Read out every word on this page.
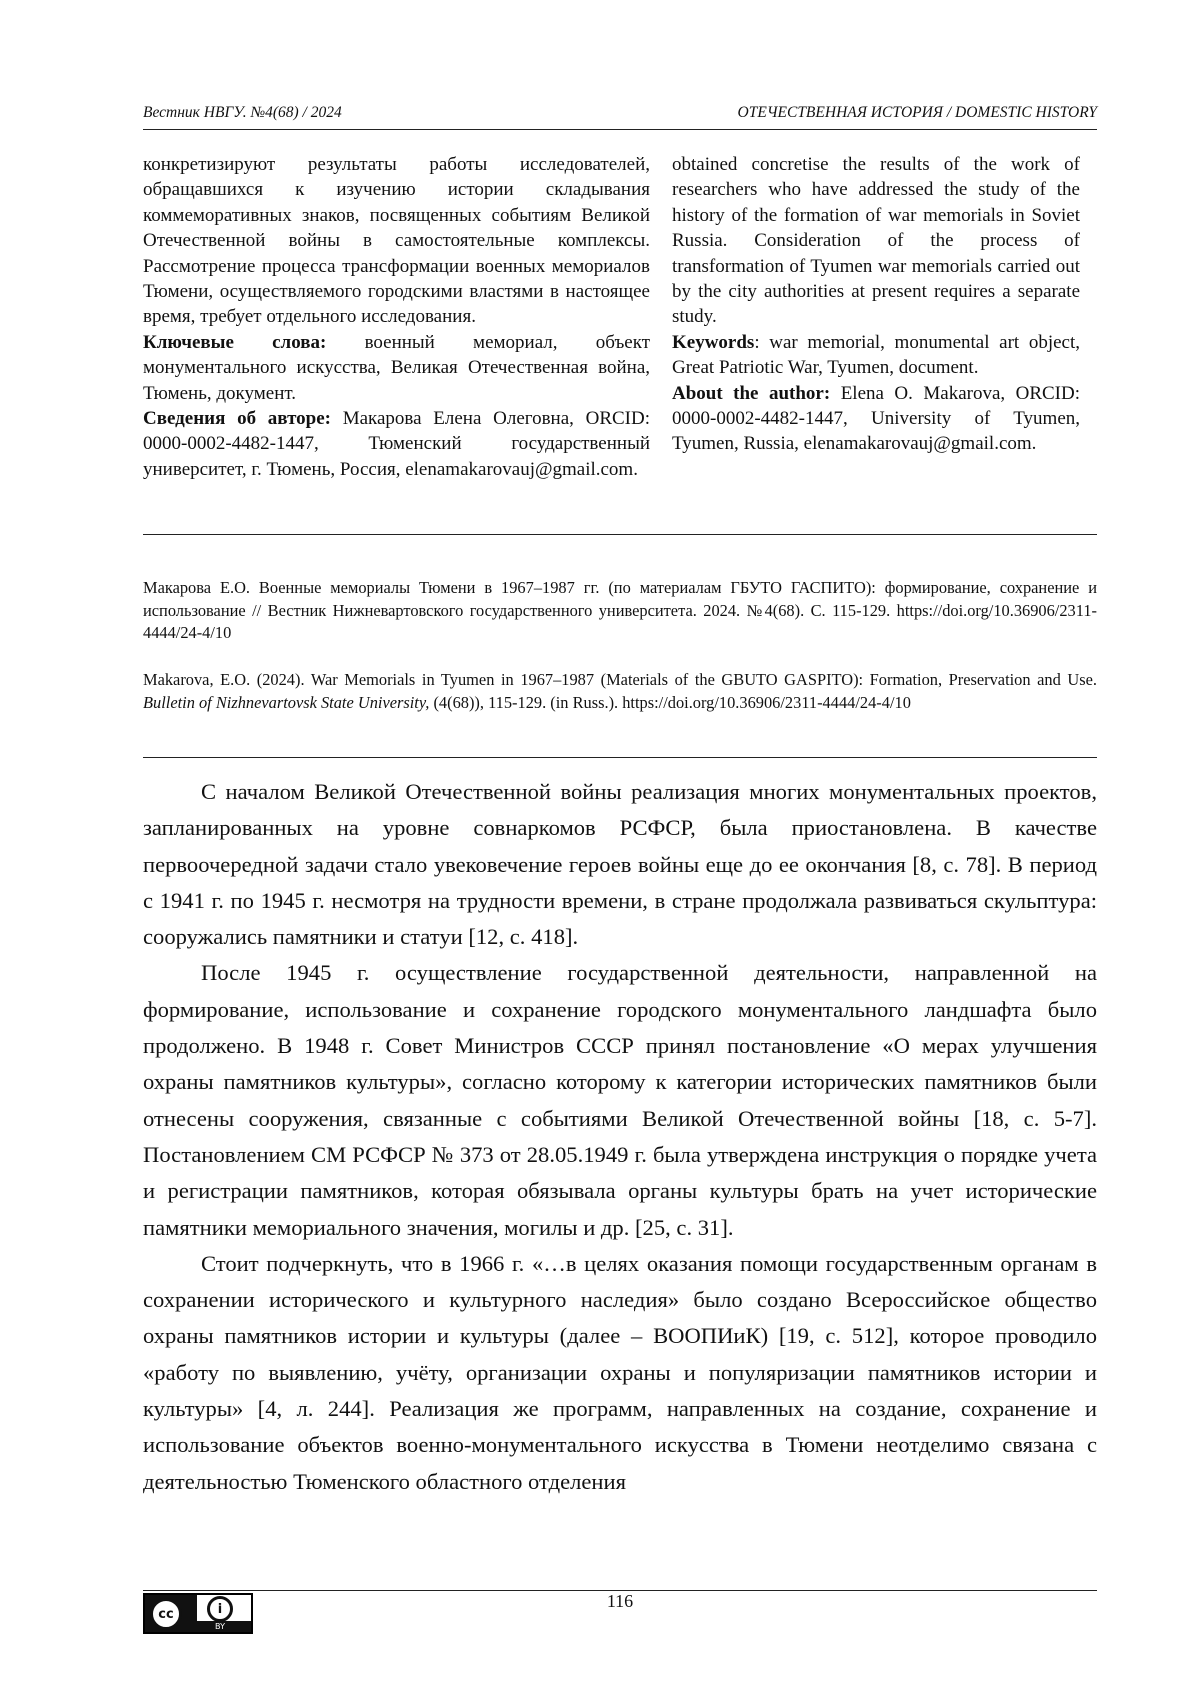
Вестник НВГУ. №4(68) / 2024	ОТЕЧЕСТВЕННАЯ ИСТОРИЯ / DOMESTIC HISTORY

конкретизируют результаты работы исследователей, обращавшихся к изучению истории складывания коммеморативных знаков, посвященных событиям Великой Отечественной войны в самостоятельные комплексы. Рассмотрение процесса трансформации военных мемориалов Тюмени, осуществляемого городскими властями в настоящее время, требует отдельного исследования.

Ключевые слова: военный мемориал, объект монументального искусства, Великая Отечественная война, Тюмень, документ.

Сведения об авторе: Макарова Елена Олеговна, ORCID: 0000-0002-4482-1447, Тюменский государственный университет, г. Тюмень, Россия, elenamakarovauj@gmail.com.

obtained concretise the results of the work of researchers who have addressed the study of the history of the formation of war memorials in Soviet Russia. Consideration of the process of transformation of Tyumen war memorials carried out by the city authorities at present requires a separate study.

Keywords: war memorial, monumental art object, Great Patriotic War, Tyumen, document.

About the author: Elena O. Makarova, ORCID: 0000-0002-4482-1447, University of Tyumen, Tyumen, Russia, elenamakarovauj@gmail.com.

Макарова Е.О. Военные мемориалы Тюмени в 1967–1987 гг. (по материалам ГБУТО ГАСПИТО): формирование, сохранение и использование // Вестник Нижневартовского государственного университета. 2024. №4(68). С. 115-129. https://doi.org/10.36906/2311-4444/24-4/10
Makarova, E.O. (2024). War Memorials in Tyumen in 1967–1987 (Materials of the GBUTO GASPITO): Formation, Preservation and Use. Bulletin of Nizhnevartovsk State University, (4(68)), 115-129. (in Russ.). https://doi.org/10.36906/2311-4444/24-4/10

С началом Великой Отечественной войны реализация многих монументальных проектов, запланированных на уровне совнаркомов РСФСР, была приостановлена. В качестве первоочередной задачи стало увековечение героев войны еще до ее окончания [8, с. 78]. В период с 1941 г. по 1945 г. несмотря на трудности времени, в стране продолжала развиваться скульптура: сооружались памятники и статуи [12, с. 418].

После 1945 г. осуществление государственной деятельности, направленной на формирование, использование и сохранение городского монументального ландшафта было продолжено. В 1948 г. Совет Министров СССР принял постановление «О мерах улучшения охраны памятников культуры», согласно которому к категории исторических памятников были отнесены сооружения, связанные с событиями Великой Отечественной войны [18, с. 5-7]. Постановлением СМ РСФСР № 373 от 28.05.1949 г. была утверждена инструкция о порядке учета и регистрации памятников, которая обязывала органы культуры брать на учет исторические памятники мемориального значения, могилы и др. [25, с. 31].

Стоит подчеркнуть, что в 1966 г. «…в целях оказания помощи государственным органам в сохранении исторического и культурного наследия» было создано Всероссийское общество охраны памятников истории и культуры (далее – ВООПИиК) [19, с. 512], которое проводило «работу по выявлению, учёту, организации охраны и популяризации памятников истории и культуры» [4, л. 244]. Реализация же программ, направленных на создание, сохранение и использование объектов военно-монументального искусства в Тюмени неотделимо связана с деятельностью Тюменского областного отделения

116
cc	i
BY
